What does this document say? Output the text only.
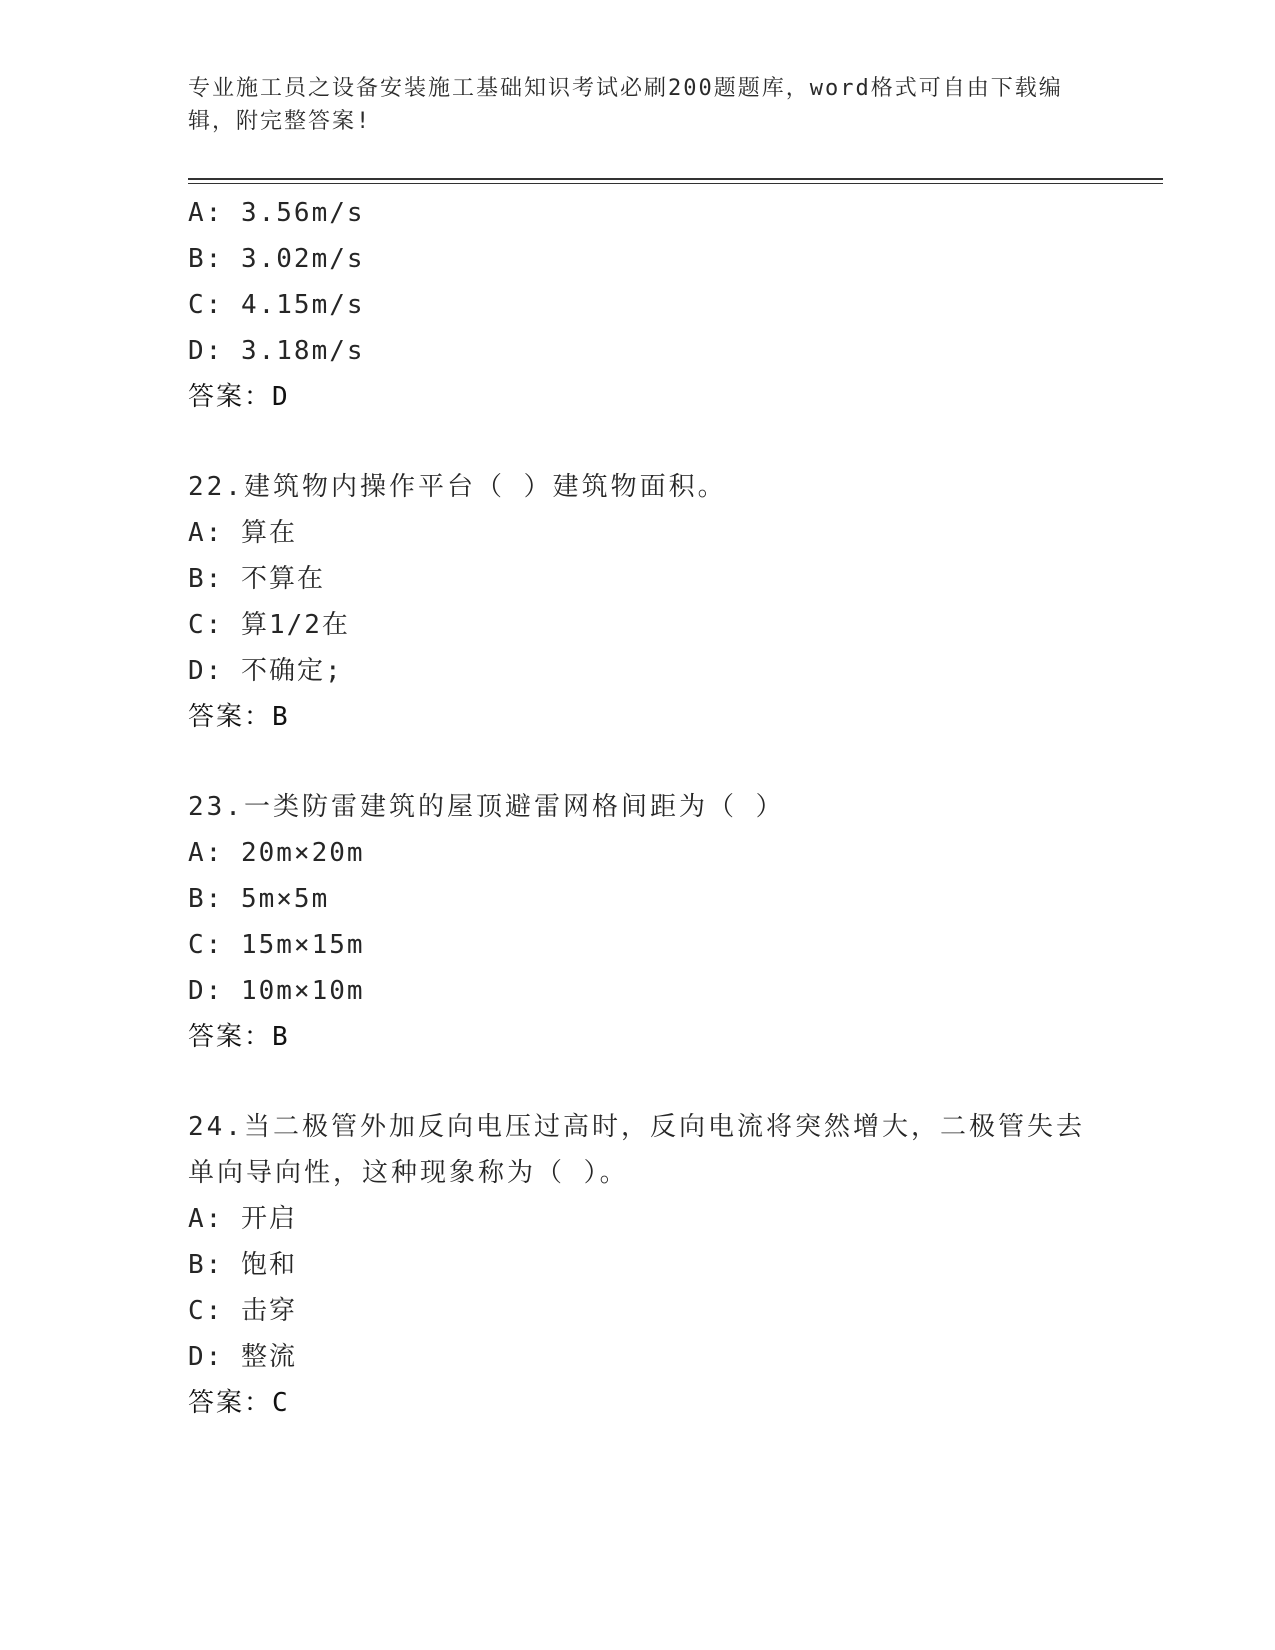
专业施工员之设备安装施工基础知识考试必刷200题题库，word格式可自由下载编辑，附完整答案!
A: 3.56m/s
B: 3.02m/s
C: 4.15m/s
D: 3.18m/s
答案：D
22.建筑物内操作平台（ ）建筑物面积。
A: 算在
B: 不算在
C: 算1/2在
D: 不确定;
答案：B
23.一类防雷建筑的屋顶避雷网格间距为（ ）
A: 20m×20m
B: 5m×5m
C: 15m×15m
D: 10m×10m
答案：B
24.当二极管外加反向电压过高时，反向电流将突然增大，二极管失去单向导向性，这种现象称为（ ）。
A: 开启
B: 饱和
C: 击穿
D: 整流
答案：C
